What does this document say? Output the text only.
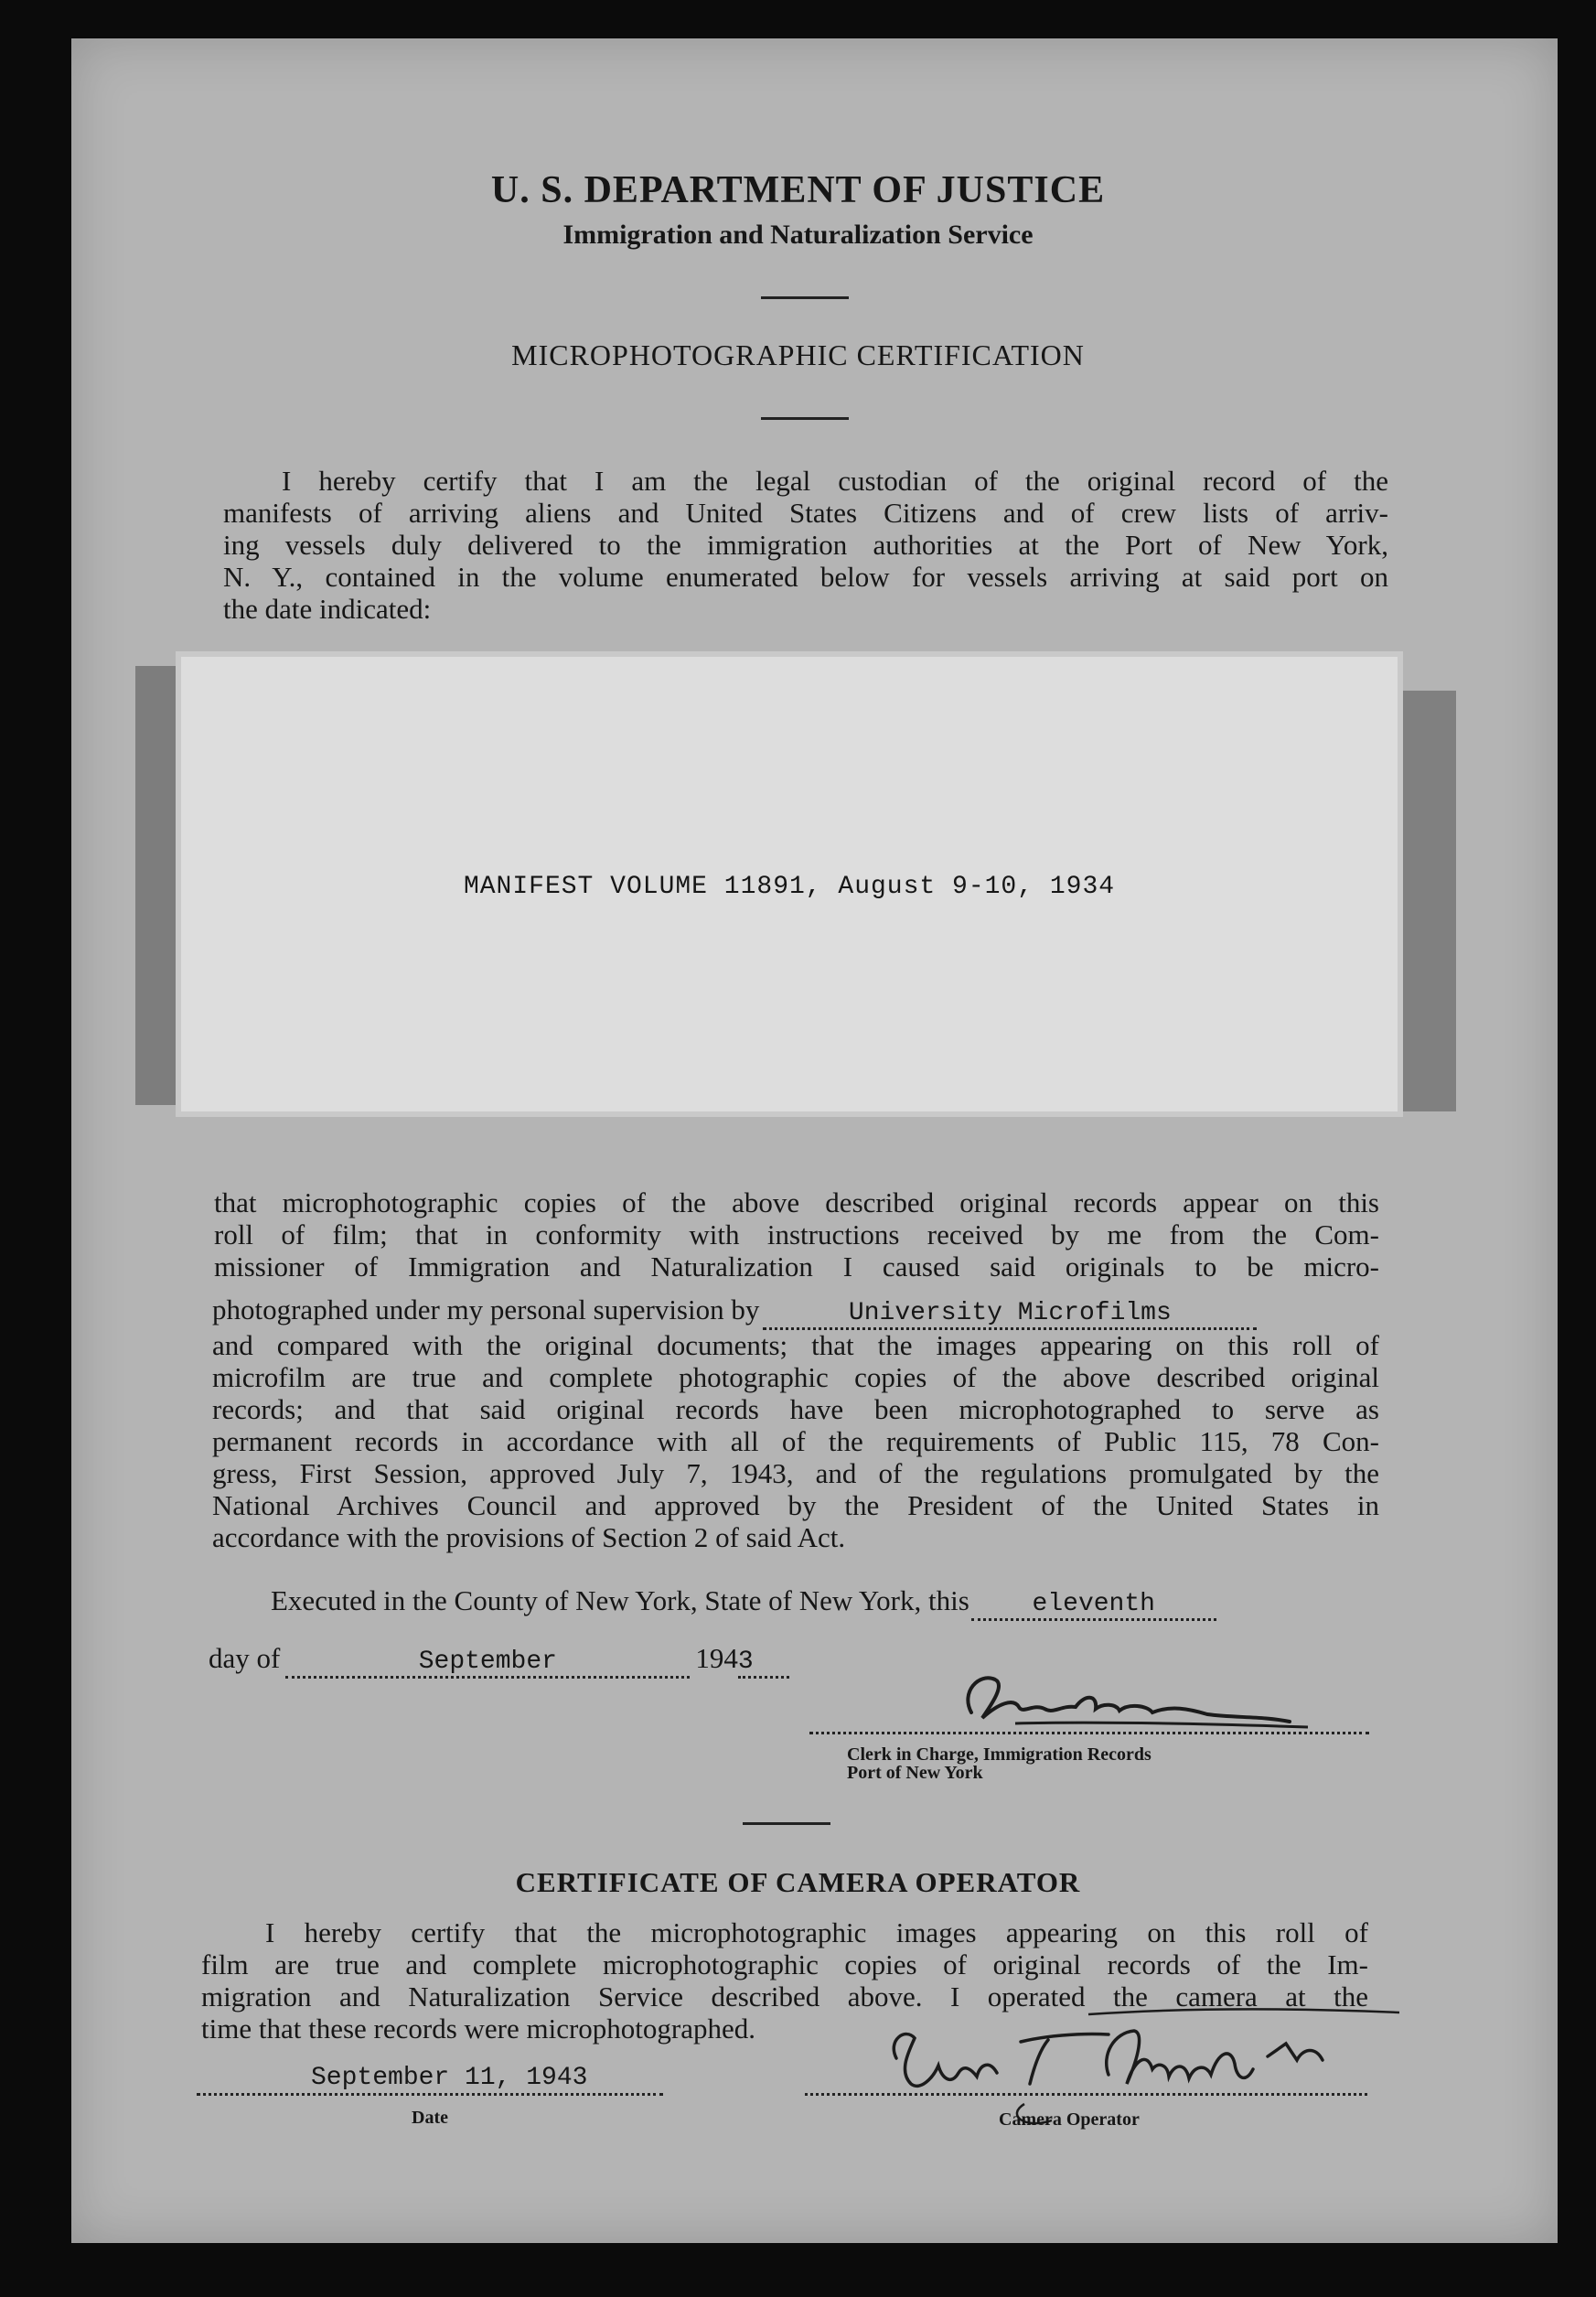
U. S. DEPARTMENT OF JUSTICE
Immigration and Naturalization Service
MICROPHOTOGRAPHIC CERTIFICATION
I hereby certify that I am the legal custodian of the original record of the
manifests of arriving aliens and United States Citizens and of crew lists of arriv-
ing vessels duly delivered to the immigration authorities at the Port of New York,
N. Y., contained in the volume enumerated below for vessels arriving at said port on
the date indicated:
MANIFEST VOLUME 11891, August 9-10, 1934
that microphotographic copies of the above described original records appear on this
roll of film; that in conformity with instructions received by me from the Com-
missioner of Immigration and Naturalization I caused said originals to be micro-
photographed under my personal supervision by	University Microfilms
and compared with the original documents; that the images appearing on this roll of
microfilm are true and complete photographic copies of the above described original
records; and that said original records have been microphotographed to serve as
permanent records in accordance with all of the requirements of Public 115, 78 Con-
gress, First Session, approved July 7, 1943, and of the regulations promulgated by the
National Archives Council and approved by the President of the United States in
accordance with the provisions of Section 2 of said Act.
Executed in the County of New York, State of New York, this eleventh
day of	September	1943
Clerk in Charge, Immigration Records
Port of New York
CERTIFICATE OF CAMERA OPERATOR
I hereby certify that the microphotographic images appearing on this roll of
film are true and complete microphotographic copies of original records of the Im-
migration and Naturalization Service described above. I operated the camera at the
time that these records were microphotographed.
September 11, 1943
Date	Camera Operator
